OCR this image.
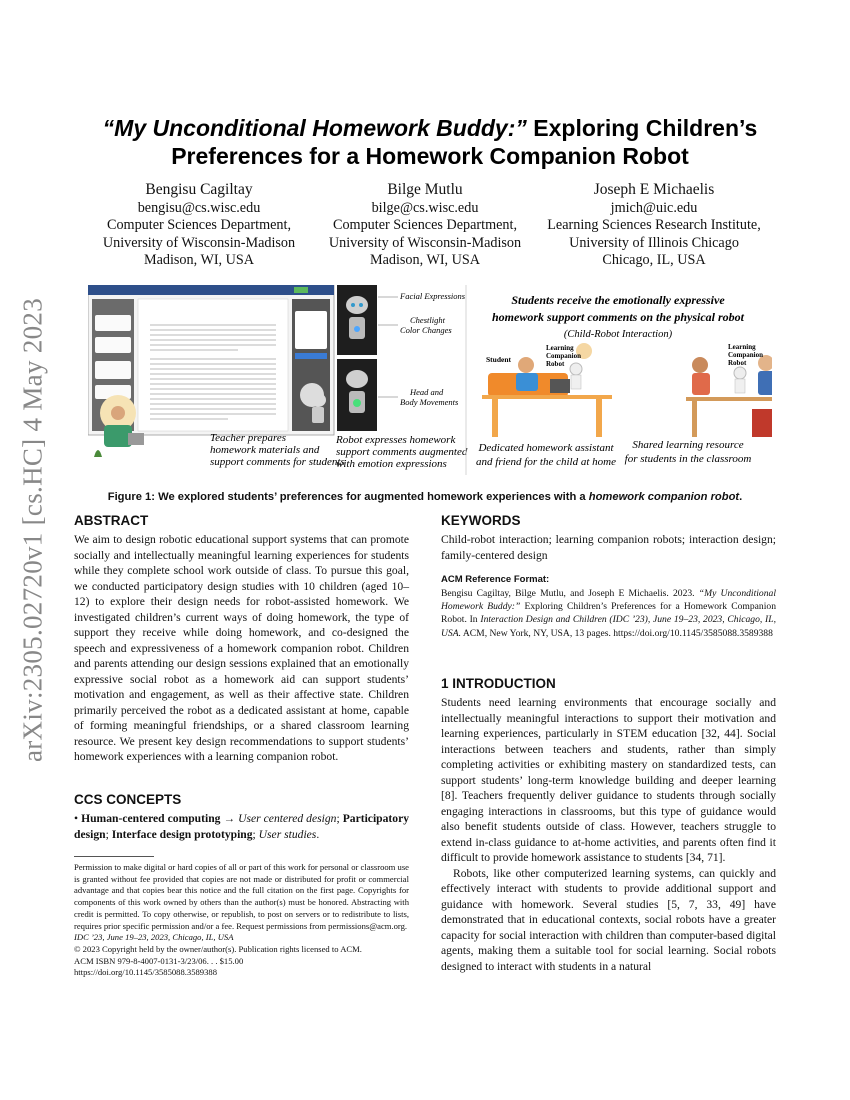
arXiv:2305.02720v1 [cs.HC] 4 May 2023
“My Unconditional Homework Buddy:” Exploring Children’s
Preferences for a Homework Companion Robot
Bengisu Cagiltay
bengisu@cs.wisc.edu
Computer Sciences Department,
University of Wisconsin-Madison
Madison, WI, USA
Bilge Mutlu
bilge@cs.wisc.edu
Computer Sciences Department,
University of Wisconsin-Madison
Madison, WI, USA
Joseph E Michaelis
jmich@uic.edu
Learning Sciences Research Institute,
University of Illinois Chicago
Chicago, IL, USA
Facial Expressions
Chestlight
Color Changes
Head and
Body Movements
Teacher prepares
homework materials and
support comments for students
Robot expresses homework
support comments augmented
with emotion expressions
Students receive the emotionally expressive
homework support comments on the physical robot
(Child-Robot Interaction)
Student
Learning
Companion
Robot
Learning
Companion
Robot
Dedicated homework assistant
and friend for the child at home
Shared learning resource
for students in the classroom
Figure 1: We explored students’ preferences for augmented homework experiences with a homework companion robot.
ABSTRACT

We aim to design robotic educational support systems that can promote socially and intellectually meaningful learning experiences for students while they complete school work outside of class. To pursue this goal, we conducted participatory design studies with 10 children (aged 10–12) to explore their design needs for robot-assisted homework. We investigated children’s current ways of doing homework, the type of support they receive while doing homework, and co-designed the speech and expressiveness of a homework companion robot. Children and parents attending our design sessions explained that an emotionally expressive social robot as a homework aid can support students’ motivation and engagement, as well as their affective state. Children primarily perceived the robot as a dedicated assistant at home, capable of forming meaningful friendships, or a shared classroom learning resource. We present key design recommendations to support students’ homework experiences with a learning companion robot.

CCS CONCEPTS

• Human-centered computing → User centered design; Participatory design; Interface design prototyping; User studies.

Permission to make digital or hard copies of all or part of this work for personal or classroom use is granted without fee provided that copies are not made or distributed for profit or commercial advantage and that copies bear this notice and the full citation on the first page. Copyrights for components of this work owned by others than the author(s) must be honored. Abstracting with credit is permitted. To copy otherwise, or republish, to post on servers or to redistribute to lists, requires prior specific permission and/or a fee. Request permissions from permissions@acm.org.

IDC ’23, June 19–23, 2023, Chicago, IL, USA
© 2023 Copyright held by the owner/author(s). Publication rights licensed to ACM.
ACM ISBN 979-8-4007-0131-3/23/06. . . $15.00
https://doi.org/10.1145/3585088.3589388
KEYWORDS

Child-robot interaction; learning companion robots; interaction design; family-centered design

ACM Reference Format:

Bengisu Cagiltay, Bilge Mutlu, and Joseph E Michaelis. 2023. “My Unconditional Homework Buddy:” Exploring Children’s Preferences for a Homework Companion Robot. In Interaction Design and Children (IDC ’23), June 19–23, 2023, Chicago, IL, USA. ACM, New York, NY, USA, 13 pages. https://doi.org/10.1145/3585088.3589388

1 INTRODUCTION

Students need learning environments that encourage socially and intellectually meaningful interactions to support their motivation and learning experiences, particularly in STEM education [32, 44]. Social interactions between teachers and students, rather than simply completing activities or exhibiting mastery on standardized tests, can support students’ long-term knowledge building and deeper learning [8]. Teachers frequently deliver guidance to students through socially engaging interactions in classrooms, but this type of guidance would also benefit students outside of class. However, teachers struggle to extend in-class guidance to at-home activities, and parents often find it difficult to provide homework assistance to students [34, 71].

Robots, like other computerized learning systems, can quickly and effectively interact with students to provide additional support and guidance with homework. Several studies [5, 7, 33, 49] have demonstrated that in educational contexts, social robots have a greater capacity for social interaction with children than computer-based digital agents, making them a suitable tool for social learning. Social robots designed to interact with students in a natural
